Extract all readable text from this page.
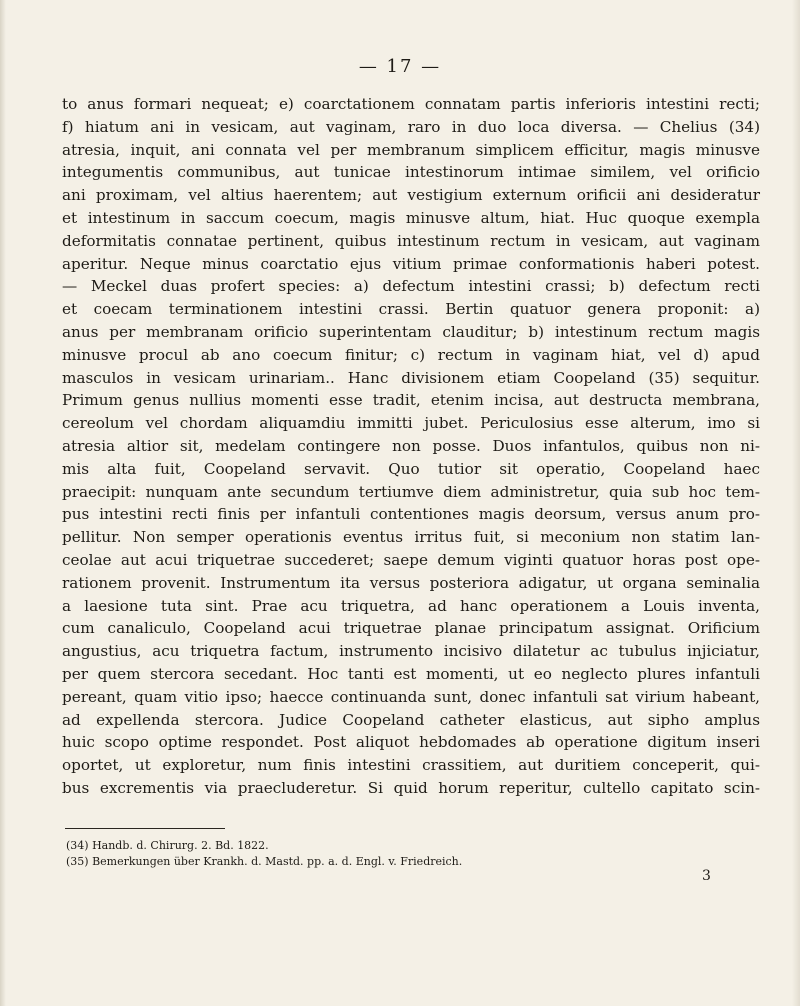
— 17 —
to anus formari nequeat; e) coarctationem connatam partis inferioris intestini recti;
f) hiatum ani in vesicam, aut vaginam, raro in duo loca diversa. — Chelius (34)
atresia, inquit, ani connata vel per membranum simplicem efficitur, magis minusve
integumentis communibus, aut tunicae intestinorum intimae similem, vel orificio
ani proximam, vel altius haerentem; aut vestigium externum orificii ani desideratur
et intestinum in saccum coecum, magis minusve altum, hiat. Huc quoque exempla
deformitatis connatae pertinent, quibus intestinum rectum in vesicam, aut vaginam
aperitur. Neque minus coarctatio ejus vitium primae conformationis haberi potest.
— Meckel duas profert species: a) defectum intestini crassi; b) defectum recti
et coecam terminationem intestini crassi. Bertin quatuor genera proponit: a)
anus per membranam orificio superintentam clauditur; b) intestinum rectum magis
minusve procul ab ano coecum finitur; c) rectum in vaginam hiat, vel d) apud
masculos in vesicam urinariam.. Hanc divisionem etiam Coopeland (35) sequitur.
Primum genus nullius momenti esse tradit, etenim incisa, aut destructa membrana,
cereolum vel chordam aliquamdiu immitti jubet. Periculosius esse alterum, imo si
atresia altior sit, medelam contingere non posse. Duos infantulos, quibus non ni-
mis alta fuit, Coopeland servavit. Quo tutior sit operatio, Coopeland haec
praecipit: nunquam ante secundum tertiumve diem administretur, quia sub hoc tem-
pus intestini recti finis per infantuli contentiones magis deorsum, versus anum pro-
pellitur. Non semper operationis eventus irritus fuit, si meconium non statim lan-
ceolae aut acui triquetrae succederet; saepe demum viginti quatuor horas post ope-
rationem provenit. Instrumentum ita versus posteriora adigatur, ut organa seminalia
a laesione tuta sint. Prae acu triquetra, ad hanc operationem a Louis inventa,
cum canaliculo, Coopeland acui triquetrae planae principatum assignat. Orificium
angustius, acu triquetra factum, instrumento incisivo dilatetur ac tubulus injiciatur,
per quem stercora secedant. Hoc tanti est momenti, ut eo neglecto plures infantuli
pereant, quam vitio ipso; haecce continuanda sunt, donec infantuli sat virium habeant,
ad expellenda stercora. Judice Coopeland catheter elasticus, aut sipho amplus
huic scopo optime respondet. Post aliquot hebdomades ab operatione digitum inseri
oportet, ut exploretur, num finis intestini crassitiem, aut duritiem conceperit, qui-
bus excrementis via praecluderetur. Si quid horum reperitur, cultello capitato scin-
(34) Handb. d. Chirurg. 2. Bd. 1822.
(35) Bemerkungen über Krankh. d. Mastd. pp. a. d. Engl. v. Friedreich.
3
